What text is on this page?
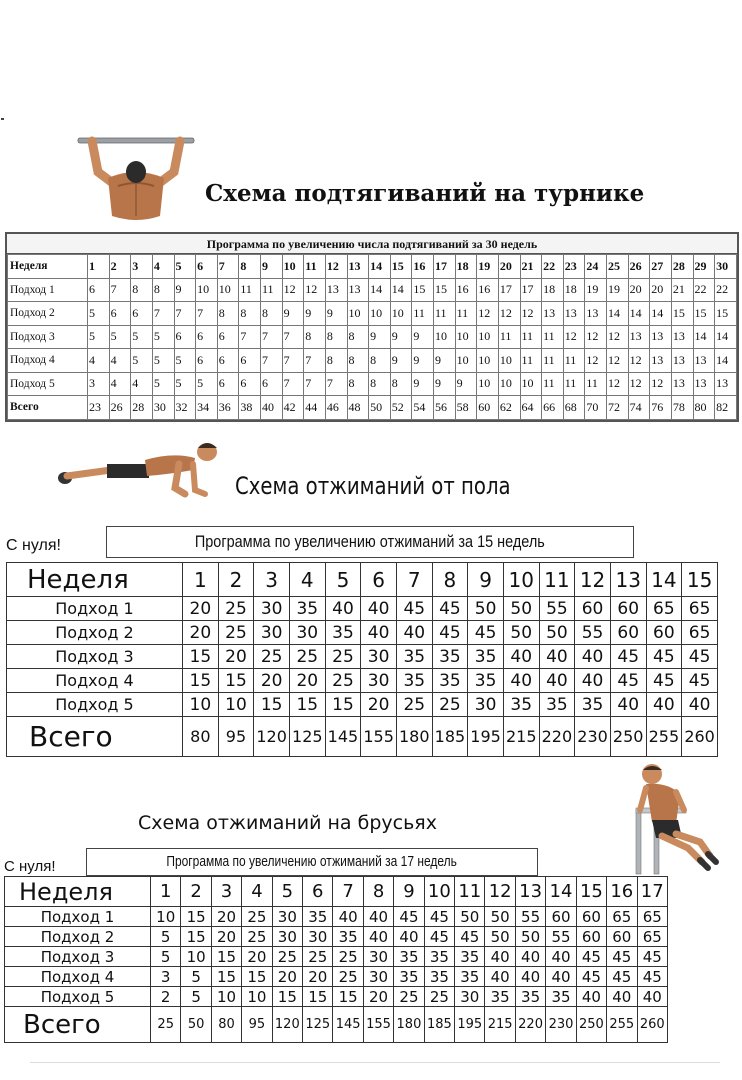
Схема подтягиваний на турнике
Программа по увеличению числа подтягиваний за 30 недель
Неделя	1	2	3	4	5	6	7	8	9	10	11	12	13	14	15	16	17	18	19	20	21	22	23	24	25	26	27	28	29	30
Подход 1	6	7	8	8	9	10	10	11	11	12	12	13	13	14	14	15	15	16	16	17	17	18	18	19	19	20	20	21	22	22
Подход 2	5	6	6	7	7	7	8	8	8	9	9	9	10	10	10	11	11	11	12	12	12	13	13	13	14	14	14	15	15	15
Подход 3	5	5	5	5	6	6	6	7	7	7	8	8	8	9	9	9	10	10	10	11	11	11	12	12	12	13	13	13	14	14
Подход 4	4	4	5	5	5	6	6	6	7	7	7	8	8	8	9	9	9	10	10	10	11	11	11	12	12	12	13	13	13	14
Подход 5	3	4	4	5	5	5	6	6	6	7	7	7	8	8	8	9	9	9	10	10	10	11	11	11	12	12	12	13	13	13
Всего	23	26	28	30	32	34	36	38	40	42	44	46	48	50	52	54	56	58	60	62	64	66	68	70	72	74	76	78	80	82
Схема отжиманий от пола
С нуля!	Программа по увеличению отжиманий за 15 недель
Неделя	1	2	3	4	5	6	7	8	9	10	11	12	13	14	15
Подход 1	20	25	30	35	40	40	45	45	50	50	55	60	60	65	65
Подход 2	20	25	30	30	35	40	40	45	45	50	50	55	60	60	65
Подход 3	15	20	25	25	25	30	35	35	35	40	40	40	45	45	45
Подход 4	15	15	20	20	25	30	35	35	35	40	40	40	45	45	45
Подход 5	10	10	15	15	15	20	25	25	30	35	35	35	40	40	40
Всего	80	95	120	125	145	155	180	185	195	215	220	230	250	255	260
Схема отжиманий на брусьях
С нуля!	Программа по увеличению отжиманий за 17 недель
Неделя	1	2	3	4	5	6	7	8	9	10	11	12	13	14	15	16	17
Подход 1	10	15	20	25	30	35	40	40	45	45	50	50	55	60	60	65	65
Подход 2	5	15	20	25	30	30	35	40	40	45	45	50	50	55	60	60	65
Подход 3	5	10	15	20	25	25	25	30	35	35	35	40	40	40	45	45	45
Подход 4	3	5	15	15	20	20	25	30	35	35	35	40	40	40	45	45	45
Подход 5	2	5	10	10	15	15	15	20	25	25	30	35	35	35	40	40	40
Всего	25	50	80	95	120	125	145	155	180	185	195	215	220	230	250	255	260
